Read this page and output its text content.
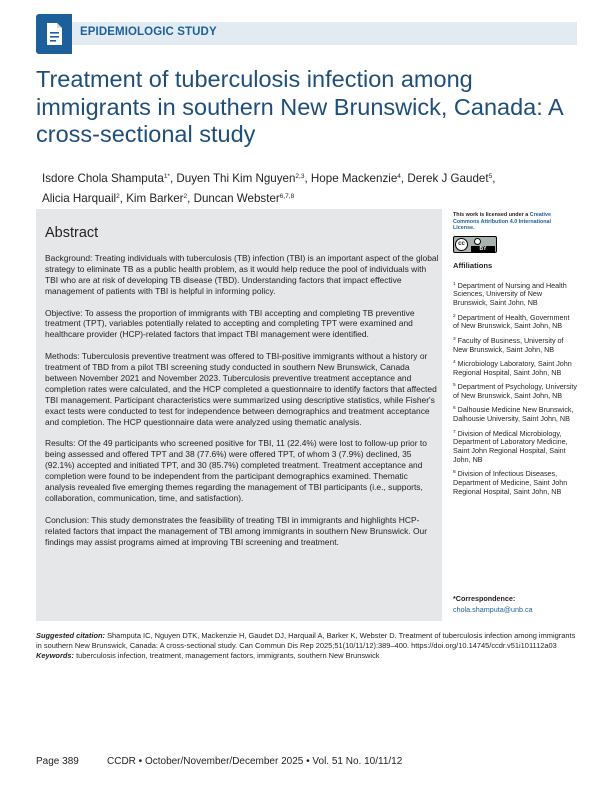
EPIDEMIOLOGIC STUDY
Treatment of tuberculosis infection among immigrants in southern New Brunswick, Canada: A cross-sectional study
Isdore Chola Shamputa$^{1*}$, Duyen Thi Kim Nguyen$^{2,3}$, Hope Mackenzie$^4$, Derek J Gaudet$^5$,
Alicia Harquail$^2$, Kim Barker$^2$, Duncan Webster$^{6,7,8}$
Abstract

Background: Treating individuals with tuberculosis (TB) infection (TBI) is an important aspect of the global strategy to eliminate TB as a public health problem, as it would help reduce the pool of individuals with TBI who are at risk of developing TB disease (TBD). Understanding factors that impact effective management of patients with TBI is helpful in informing policy.

Objective: To assess the proportion of immigrants with TBI accepting and completing TB preventive treatment (TPT), variables potentially related to accepting and completing TPT were examined and healthcare provider (HCP)-related factors that impact TBI management were identified.

Methods: Tuberculosis preventive treatment was offered to TBI-positive immigrants without a history or treatment of TBD from a pilot TBI screening study conducted in southern New Brunswick, Canada between November 2021 and November 2023. Tuberculosis preventive treatment acceptance and completion rates were calculated, and the HCP completed a questionnaire to identify factors that affected TBI management. Participant characteristics were summarized using descriptive statistics, while Fisher's exact tests were conducted to test for independence between demographics and treatment acceptance and completion. The HCP questionnaire data were analyzed using thematic analysis.

Results: Of the 49 participants who screened positive for TBI, 11 (22.4%) were lost to follow-up prior to being assessed and offered TPT and 38 (77.6%) were offered TPT, of whom 3 (7.9%) declined, 35 (92.1%) accepted and initiated TPT, and 30 (85.7%) completed treatment. Treatment acceptance and completion were found to be independent from the participant demographics examined. Thematic analysis revealed five emerging themes regarding the management of TBI participants (i.e., supports, collaboration, communication, time, and satisfaction).

Conclusion: This study demonstrates the feasibility of treating TBI in immigrants and highlights HCP-related factors that impact the management of TBI among immigrants in southern New Brunswick. Our findings may assist programs aimed at improving TBI screening and treatment.

This work is licensed under a Creative Commons Attribution 4.0 International License.
cc
BY
Affiliations
$^1$ Department of Nursing and Health Sciences, University of New Brunswick, Saint John, NB
$^2$ Department of Health, Government of New Brunswick, Saint John, NB
$^3$ Faculty of Business, University of New Brunswick, Saint John, NB
$^4$ Microbiology Laboratory, Saint John Regional Hospital, Saint John, NB
$^5$ Department of Psychology, University of New Brunswick, Saint John, NB
$^6$ Dalhousie Medicine New Brunswick, Dalhousie University, Saint John, NB
$^7$ Division of Medical Microbiology, Department of Laboratory Medicine, Saint John Regional Hospital, Saint John, NB
$^8$ Division of Infectious Diseases, Department of Medicine, Saint John Regional Hospital, Saint John, NB
*Correspondence:
chola.shamputa@unb.ca
Suggested citation: Shamputa IC, Nguyen DTK, Mackenzie H, Gaudet DJ, Harquail A, Barker K, Webster D. Treatment of tuberculosis infection among immigrants in southern New Brunswick, Canada: A cross-sectional study. Can Commun Dis Rep 2025;51(10/11/12):389–400. https://doi.org/10.14745/ccdr.v51i101112a03
Keywords: tuberculosis infection, treatment, management factors, immigrants, southern New Brunswick
Page 389	CCDR • October/November/December 2025 • Vol. 51 No. 10/11/12
